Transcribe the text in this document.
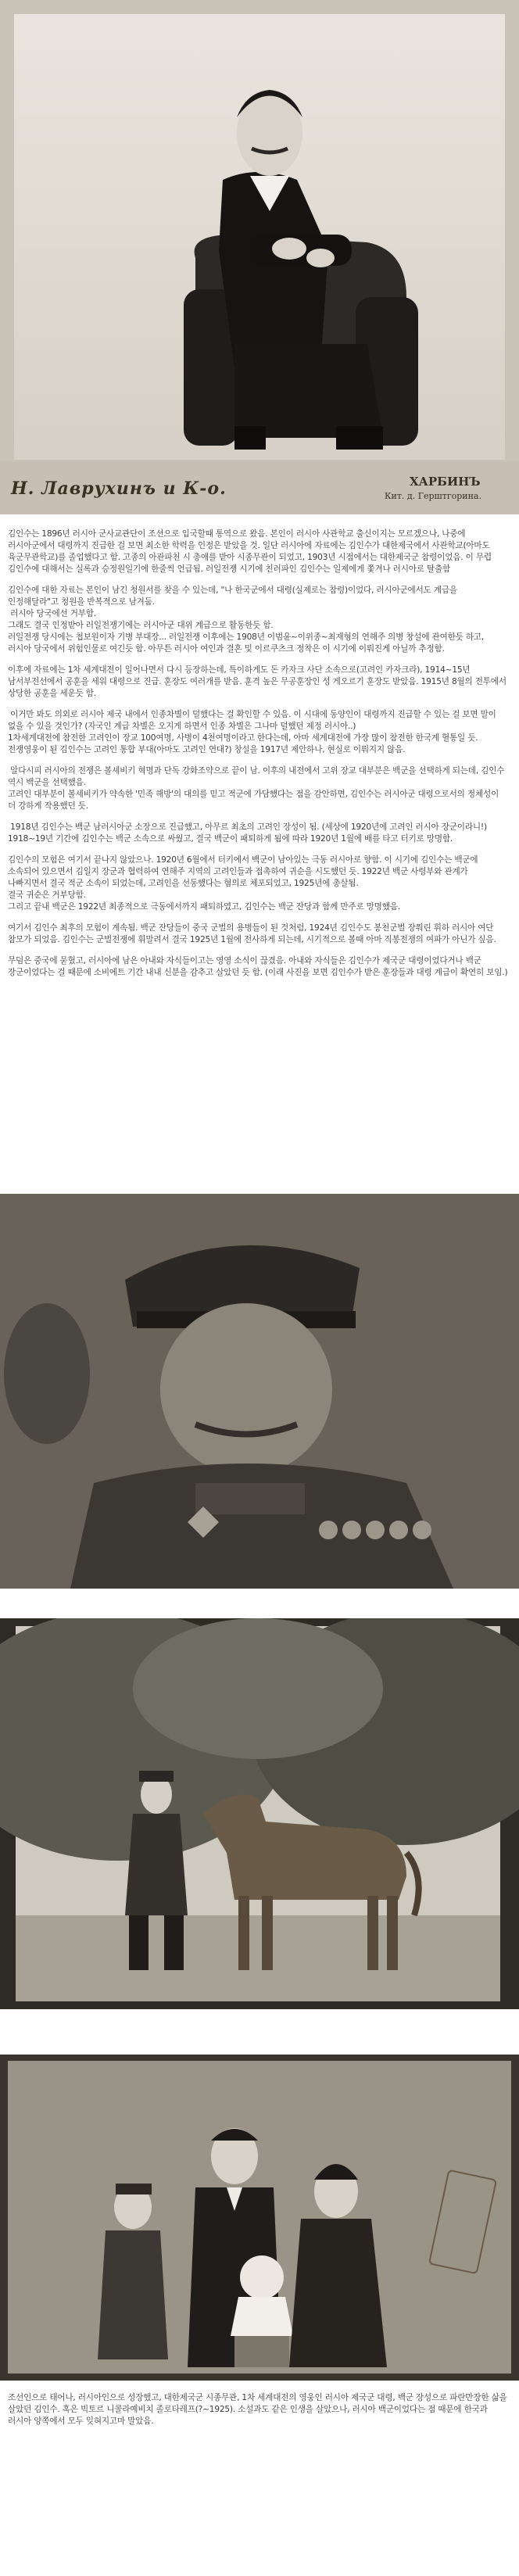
Н. Лаврухинъ и К-о.	ХАРБИНЪ
Кит. д. Герштгорина.

김인수는 1896년 러시아 군사교관단이 조선으로 입국할때 통역으로 왔음. 본인이 러시아 사관학교 출신이지는 모르겠으나, 나중에 러시아군에서 대령까지 진급한 걸 보면 최소한 학력을 인정은 받았을 것. 일단 러시아에 자료에는 김인수가 대한제국에서 사관학교(아마도 육군무관학교)를 졸업했다고 함. 고종의 아관파천 시 총애를 받아 시종무관이 되었고, 1903년 시점에서는 대한제국군 참령이었음. 이 무렵 김인수에 대해서는 실록과 승정원일기에 한줄씩 언급됨. 러일전쟁 시기에 친러파인 김인수는 일제에게 쫓겨나 러시아로 탈출함

김인수에 대한 자료는 본인이 남긴 청원서를 찾을 수 있는데, "나 한국군에서 대령(실제로는 참령)이었다, 러시아군에서도 계급을 인정해달라"고 청원을 반복적으로 남겨둠.
러시아 당국에선 거부함.
그래도 결국 인정받아 러일전쟁기에는 러시아군 대위 계급으로 활동한듯 함.
러일전쟁 당시에는 첩보원이자 기병 부대장... 러일전쟁 이후에는 1908년 이범윤~이위종~최재형의 연해주 의병 창설에 관여한듯 하고, 러시아 당국에서 위험인물로 여긴듯 함. 아무튼 러시아 여인과 결혼 및 이르쿠츠크 정착은 이 시기에 이뤄진게 아닐까 추정함.

이후에 자료에는 1차 세계대전이 일어나면서 다시 등장하는데, 특이하게도 돈 카자크 사단 소속으로(고려인 카자크라), 1914~15년 남서부전선에서 공훈을 세워 대령으로 진급. 훈장도 여러개를 받음. 훈격 높은 무공훈장인 성 게오르기 훈장도 받았음. 1915년 8월의 전투에서 상당한 공훈을 세운듯 함.

이거만 봐도 의외로 러시아 제국 내에서 인종차별이 덜했다는 걸 확인할 수 있음. 이 시대에 동양인이 대령까지 진급할 수 있는 걸 보면 말이 없을 수 있을 것인가? (자국인 계급 차별은 오지게 하면서 인종 차별은 그나마 덜했던 제정 러시아..)
1차세계대전에 참전한 고려인이 장교 100여명, 사병이 4천여명이라고 한다는데, 아마 세계대전에 가장 많이 참전한 한국계 혈통일 듯.
전쟁영웅이 된 김인수는 고려인 통합 부대(아마도 고려인 연대?) 창설을 1917년 제안하나, 현실로 이뤄지지 않음.

알다시피 러시아의 전쟁은 볼셰비키 혁명과 단독 강화조약으로 끝이 남. 이후의 내전에서 고위 장교 대부분은 백군을 선택하게 되는데, 김인수 역시 백군을 선택했음.
고려인 대부분이 볼셰비키가 약속한 '민족 해방'의 대의를 믿고 적군에 가담했다는 점을 감안하면, 김인수는 러시아군 대령으로서의 정체성이 더 강하게 작용했던 듯.

1918년 김인수는 백군 남러시아군 소장으로 진급했고, 아무르 최초의 고려인 장성이 됨. (세상에 1920년에 고려인 러시아 장군이라니!) 1918~19년 기간에 김인수는 백군 소속으로 싸웠고, 결국 백군이 패퇴하게 됨에 따라 1920년 1월에 배를 타고 터키로 망명함.

김인수의 모험은 여기서 끝나지 않았으나. 1920년 6월에서 터키에서 백군이 남아있는 극동 러시아로 향함. 이 시기에 김인수는 백군에 소속되어 있으면서 김일지 장군과 협력하여 연해주 지역의 고려인들과 접촉하여 귀순을 시도했던 듯. 1922년 백군 사령부와 관계가 나빠지면서 결국 적군 소속이 되었는데, 고려인을 선동했다는 혐의로 체포되었고, 1925년에 총살됨.
결국 귀순은 거부당함.
그리고 끝내 백군은 1922년 최종적으로 극동에서까지 패퇴하였고, 김인수는 백군 잔당과 함께 만주로 망명했음.

여기서 김인수 최후의 모험이 계속됨. 백군 잔당들이 중국 군벌의 용병들이 된 것처럼, 1924년 김인수도 봉천군벌 장쭤린 휘하 러시아 여단 참모가 되었음. 김인수는 군벌전쟁에 휘말려서 결국 1925년 1월에 전사하게 되는데, 시기적으로 볼때 아마 직봉전쟁의 여파가 아닌가 싶음.

무덤은 중국에 묻혔고, 러시아에 남은 아내와 자식들이고는 영영 소식이 끊겼음. 아내와 자식들은 김인수가 제국군 대령이었다거나 백군 장군이었다는 걸 때문에 소비에트 기간 내내 신분을 감추고 살았던 듯 함. (이래 사진을 보면 김인수가 받은 훈장들과 대령 계급이 확연히 보임.)

조선인으로 태어나, 러시아인으로 성장했고, 대한제국군 시종무관, 1차 세계대전의 영웅인 러시아 제국군 대령, 백군 장성으로 파란만장한 삶을 살았던 김인수. 혹은 빅토르 니콜라예비치 졸로타레프(?~1925). 소설과도 같은 인생을 살았으나, 러시아 백군이었다는 점 때문에 한국과 러시아 양쪽에서 모두 잊혀지고마 말았음.
